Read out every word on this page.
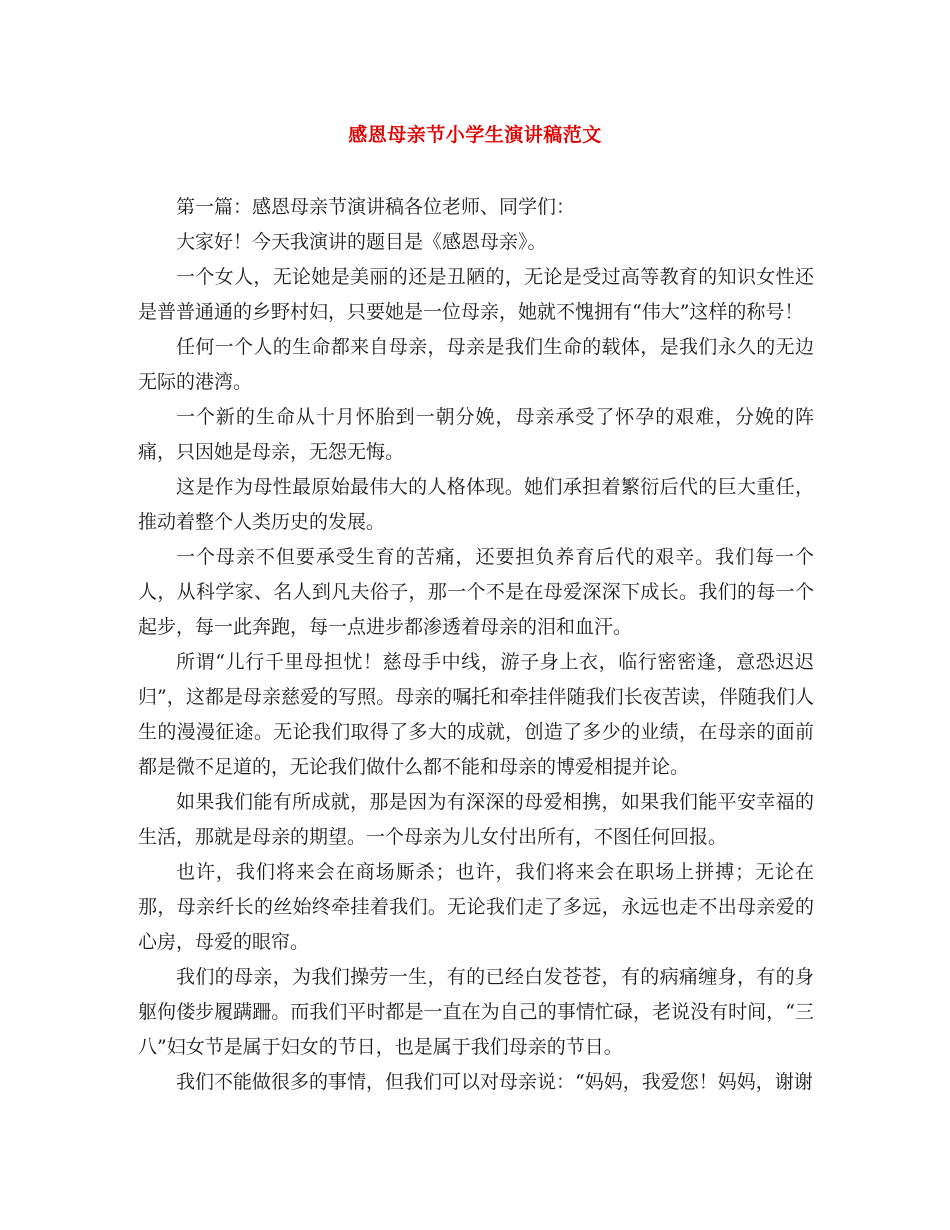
感恩母亲节小学生演讲稿范文

第一篇：感恩母亲节演讲稿各位老师、同学们：

大家好！今天我演讲的题目是《感恩母亲》。

一个女人，无论她是美丽的还是丑陋的，无论是受过高等教育的知识女性还是普普通通的乡野村妇，只要她是一位母亲，她就不愧拥有“伟大”这样的称号！

任何一个人的生命都来自母亲，母亲是我们生命的载体，是我们永久的无边无际的港湾。

一个新的生命从十月怀胎到一朝分娩，母亲承受了怀孕的艰难，分娩的阵痛，只因她是母亲，无怨无悔。

这是作为母性最原始最伟大的人格体现。她们承担着繁衍后代的巨大重任，推动着整个人类历史的发展。

一个母亲不但要承受生育的苦痛，还要担负养育后代的艰辛。我们每一个人，从科学家、名人到凡夫俗子，那一个不是在母爱深深下成长。我们的每一个起步，每一此奔跑，每一点进步都渗透着母亲的泪和血汗。

所谓“儿行千里母担忧！慈母手中线，游子身上衣，临行密密逢，意恐迟迟归”，这都是母亲慈爱的写照。母亲的嘱托和牵挂伴随我们长夜苦读，伴随我们人生的漫漫征途。无论我们取得了多大的成就，创造了多少的业绩，在母亲的面前都是微不足道的，无论我们做什么都不能和母亲的博爱相提并论。

如果我们能有所成就，那是因为有深深的母爱相携，如果我们能平安幸福的生活，那就是母亲的期望。一个母亲为儿女付出所有，不图任何回报。

也许，我们将来会在商场厮杀；也许，我们将来会在职场上拼搏；无论在那，母亲纤长的丝始终牵挂着我们。无论我们走了多远，永远也走不出母亲爱的心房，母爱的眼帘。

我们的母亲，为我们操劳一生，有的已经白发苍苍，有的病痛缠身，有的身躯佝偻步履蹒跚。而我们平时都是一直在为自己的事情忙碌，老说没有时间，“三八”妇女节是属于妇女的节日，也是属于我们母亲的节日。

我们不能做很多的事情，但我们可以对母亲说：“妈妈，我爱您！妈妈，谢谢
